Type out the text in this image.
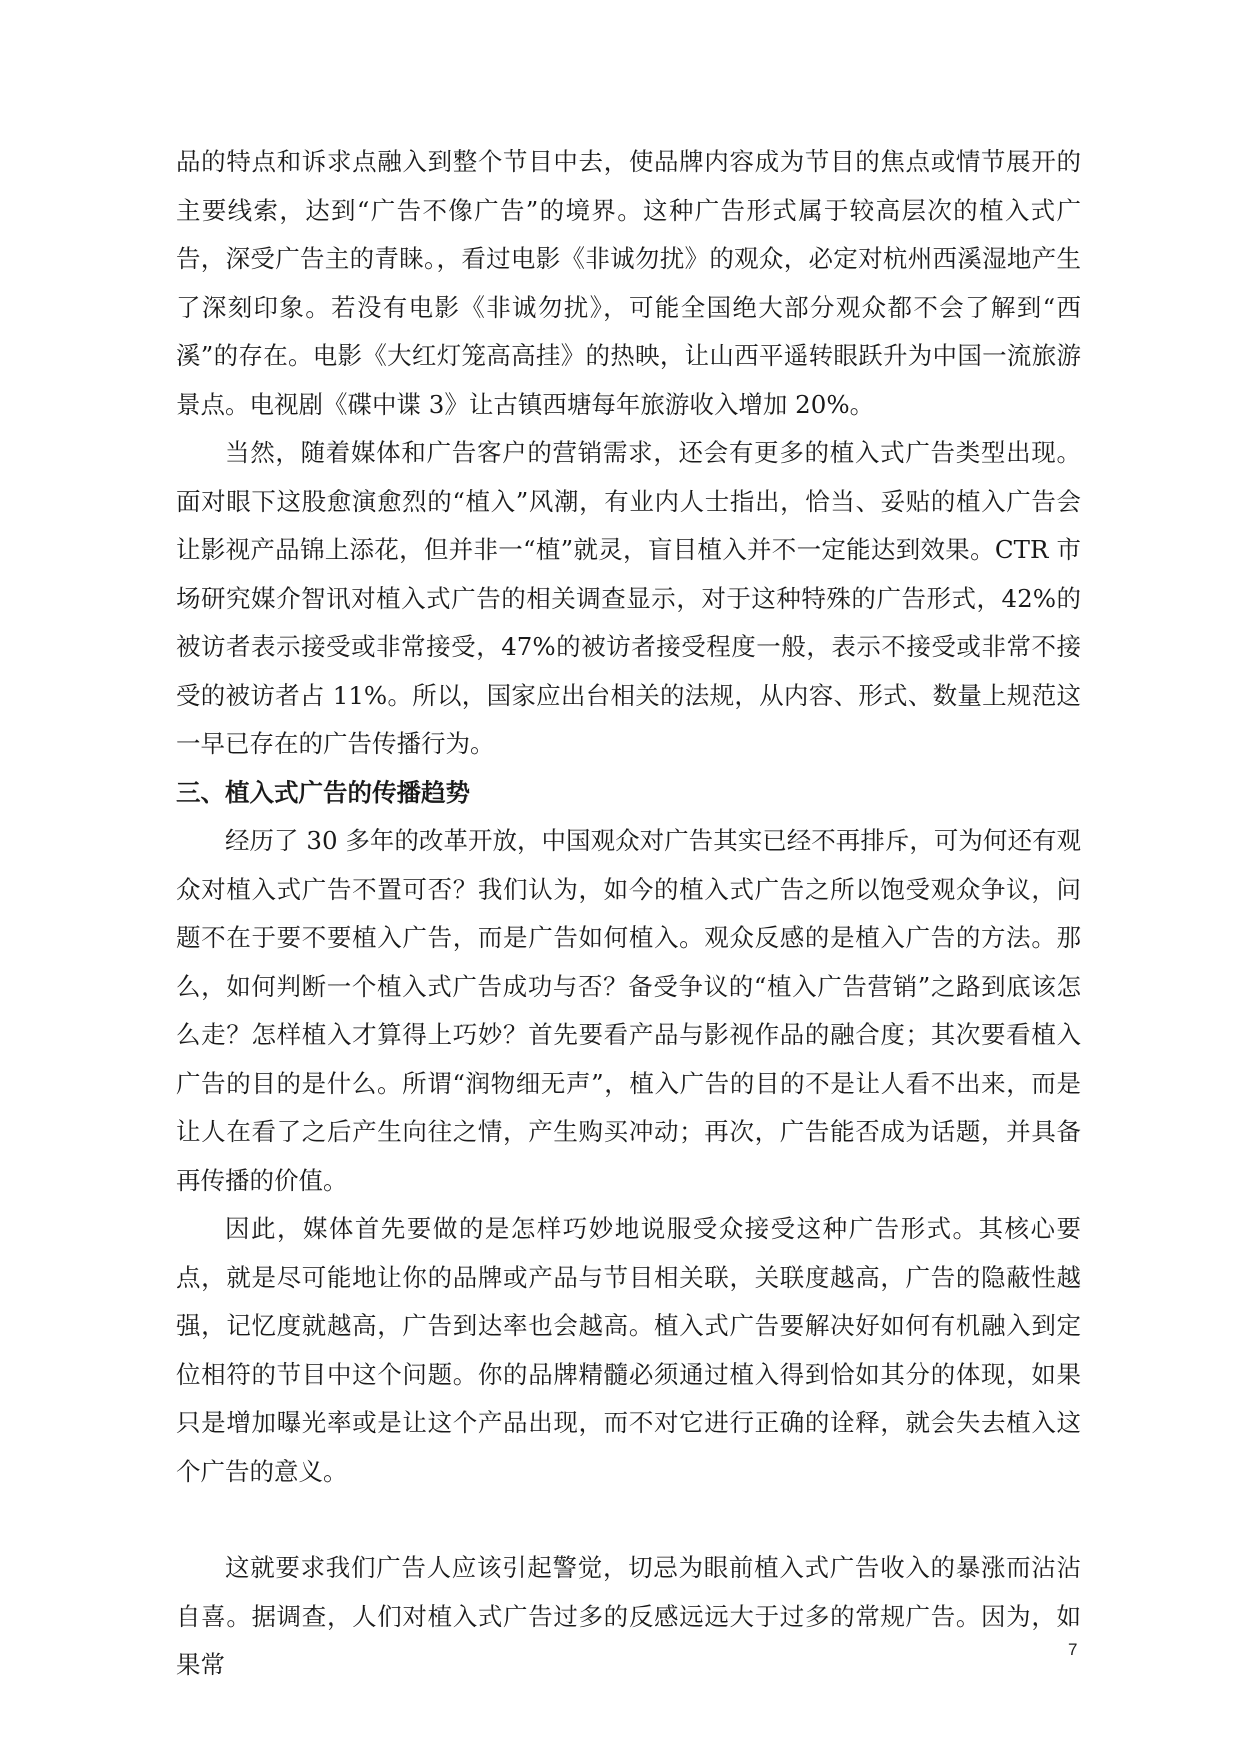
品的特点和诉求点融入到整个节目中去，使品牌内容成为节目的焦点或情节展开的主要线索，达到“广告不像广告”的境界。这种广告形式属于较高层次的植入式广告，深受广告主的青睐。，看过电影《非诚勿扰》的观众，必定对杭州西溪湿地产生了深刻印象。若没有电影《非诚勿扰》，可能全国绝大部分观众都不会了解到“西溪”的存在。电影《大红灯笼高高挂》的热映，让山西平遥转眼跃升为中国一流旅游景点。电视剧《碟中谍 3》让古镇西塘每年旅游收入增加 20%。

当然，随着媒体和广告客户的营销需求，还会有更多的植入式广告类型出现。面对眼下这股愈演愈烈的“植入”风潮，有业内人士指出，恰当、妥贴的植入广告会让影视产品锦上添花，但并非一“植”就灵，盲目植入并不一定能达到效果。CTR 市场研究媒介智讯对植入式广告的相关调查显示，对于这种特殊的广告形式，42%的被访者表示接受或非常接受，47%的被访者接受程度一般，表示不接受或非常不接受的被访者占 11%。所以，国家应出台相关的法规，从内容、形式、数量上规范这一早已存在的广告传播行为。

三、植入式广告的传播趋势

经历了 30 多年的改革开放，中国观众对广告其实已经不再排斥，可为何还有观众对植入式广告不置可否？我们认为，如今的植入式广告之所以饱受观众争议，问题不在于要不要植入广告，而是广告如何植入。观众反感的是植入广告的方法。那么，如何判断一个植入式广告成功与否？备受争议的“植入广告营销”之路到底该怎么走？怎样植入才算得上巧妙？首先要看产品与影视作品的融合度；其次要看植入广告的目的是什么。所谓“润物细无声”，植入广告的目的不是让人看不出来，而是让人在看了之后产生向往之情，产生购买冲动；再次，广告能否成为话题，并具备再传播的价值。

因此，媒体首先要做的是怎样巧妙地说服受众接受这种广告形式。其核心要点，就是尽可能地让你的品牌或产品与节目相关联，关联度越高，广告的隐蔽性越强，记忆度就越高，广告到达率也会越高。植入式广告要解决好如何有机融入到定位相符的节目中这个问题。你的品牌精髓必须通过植入得到恰如其分的体现，如果只是增加曝光率或是让这个产品出现，而不对它进行正确的诠释，就会失去植入这个广告的意义。

这就要求我们广告人应该引起警觉，切忌为眼前植入式广告收入的暴涨而沾沾自喜。据调查，人们对植入式广告过多的反感远远大于过多的常规广告。因为，如果常

7
